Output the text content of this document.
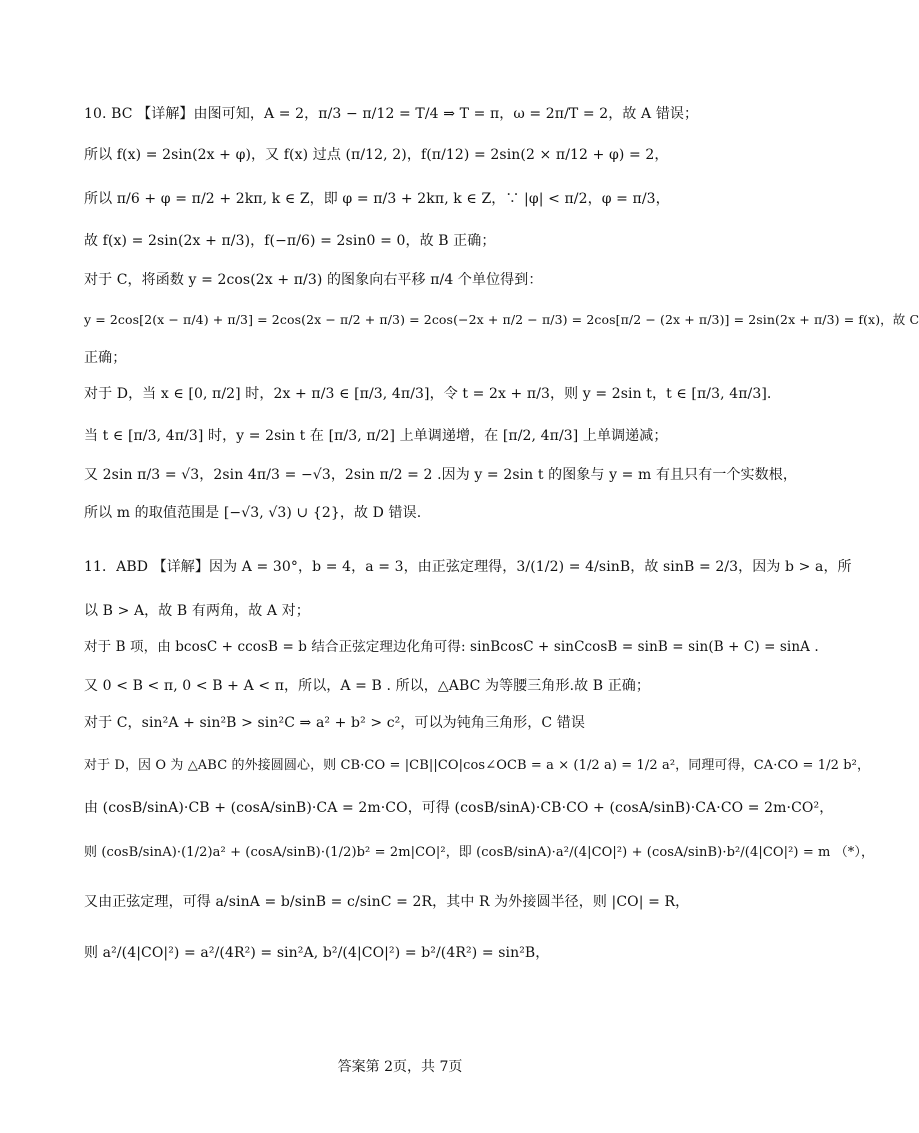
10. BC 【详解】由图可知，A = 2，π/3 − π/12 = T/4 ⇒ T = π，ω = 2π/T = 2，故 A 错误；
所以 f(x) = 2sin(2x + φ)，又 f(x) 过点 (π/12, 2)，f(π/12) = 2sin(2 × π/12 + φ) = 2，
所以 π/6 + φ = π/2 + 2kπ, k ∈ Z，即 φ = π/3 + 2kπ, k ∈ Z，∵ |φ| < π/2，φ = π/3，
故 f(x) = 2sin(2x + π/3)，f(−π/6) = 2sin0 = 0，故 B 正确；
对于 C，将函数 y = 2cos(2x + π/3) 的图象向右平移 π/4 个单位得到：
y = 2cos[2(x − π/4) + π/3] = 2cos(2x − π/2 + π/3) = 2cos(−2x + π/2 − π/3) = 2cos[π/2 − (2x + π/3)] = 2sin(2x + π/3) = f(x)，故 C
正确；
对于 D，当 x ∈ [0, π/2] 时，2x + π/3 ∈ [π/3, 4π/3]，令 t = 2x + π/3，则 y = 2sin t，t ∈ [π/3, 4π/3].
当 t ∈ [π/3, 4π/3] 时，y = 2sin t 在 [π/3, π/2] 上单调递增，在 [π/2, 4π/3] 上单调递减；
又 2sin π/3 = √3，2sin 4π/3 = −√3，2sin π/2 = 2 .因为 y = 2sin t 的图象与 y = m 有且只有一个实数根，
所以 m 的取值范围是 [−√3, √3) ∪ {2}，故 D 错误.
11．ABD 【详解】因为 A = 30°，b = 4，a = 3，由正弦定理得，3/(1/2) = 4/sinB，故 sinB = 2/3，因为 b > a，所
以 B > A，故 B 有两角，故 A 对；
对于 B 项，由 bcosC + ccosB = b 结合正弦定理边化角可得: sinBcosC + sinCcosB = sinB = sin(B + C) = sinA .
又 0 < B < π, 0 < B + A < π，所以，A = B . 所以，△ABC 为等腰三角形.故 B 正确；
对于 C，sin²A + sin²B > sin²C ⇒ a² + b² > c²，可以为钝角三角形，C 错误
对于 D，因 O 为 △ABC 的外接圆圆心，则 CB·CO = |CB||CO|cos∠OCB = a × (1/2 a) = 1/2 a²，同理可得，CA·CO = 1/2 b²，
由 (cosB/sinA)·CB + (cosA/sinB)·CA = 2m·CO，可得 (cosB/sinA)·CB·CO + (cosA/sinB)·CA·CO = 2m·CO²，
则 (cosB/sinA)·(1/2)a² + (cosA/sinB)·(1/2)b² = 2m|CO|²，即 (cosB/sinA)·a²/(4|CO|²) + (cosA/sinB)·b²/(4|CO|²) = m （*），
又由正弦定理，可得 a/sinA = b/sinB = c/sinC = 2R，其中 R 为外接圆半径，则 |CO| = R，
则 a²/(4|CO|²) = a²/(4R²) = sin²A, b²/(4|CO|²) = b²/(4R²) = sin²B，
答案第 2页，共 7页
